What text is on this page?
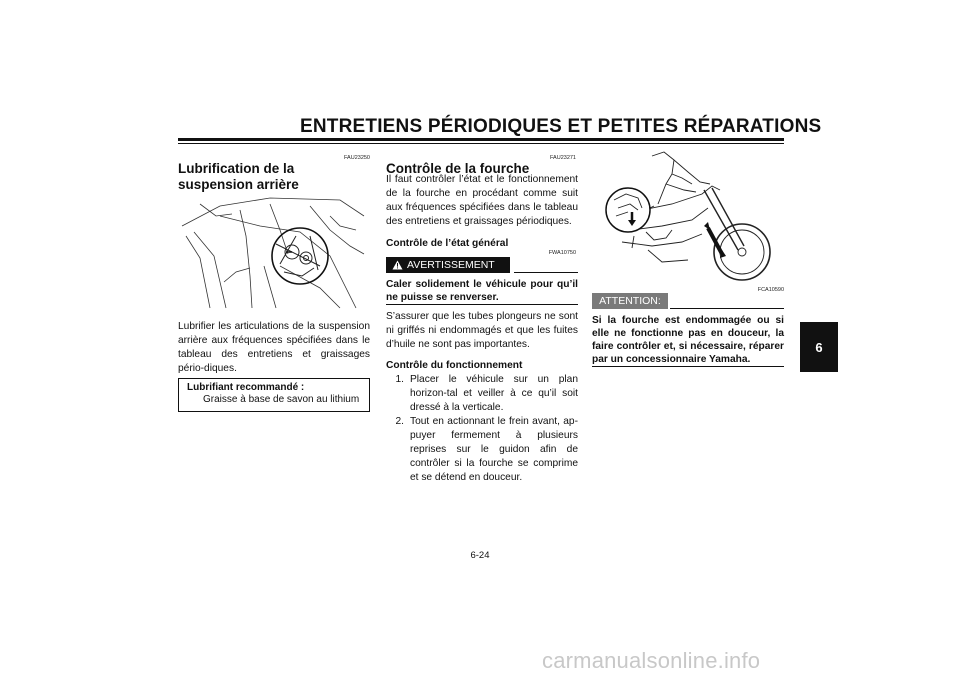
ENTRETIENS PÉRIODIQUES ET PETITES RÉPARATIONS
6
FAU23250
Lubrification de la suspension arrière
Lubrifier les articulations de la suspension arrière aux fréquences spécifiées dans le tableau des entretiens et graissages pério-diques.
Lubrifiant recommandé :
Graisse à base de savon au lithium
FAU23271
Contrôle de la fourche
Il faut contrôler l’état et le fonctionnement de la fourche en procédant comme suit aux fréquences spécifiées dans le tableau des entretiens et graissages périodiques.
Contrôle de l’état général
FWA10750
AVERTISSEMENT
Caler solidement le véhicule pour qu’il ne puisse se renverser.
S’assurer que les tubes plongeurs ne sont ni griffés ni endommagés et que les fuites d’huile ne sont pas importantes.
Contrôle du fonctionnement
1. Placer le véhicule sur un plan horizon-tal et veiller à ce qu’il soit dressé à la verticale.
2. Tout en actionnant le frein avant, ap-puyer fermement à plusieurs reprises sur le guidon afin de contrôler si la fourche se comprime et se détend en douceur.
FCA10590
ATTENTION:
Si la fourche est endommagée ou si elle ne fonctionne pas en douceur, la faire contrôler et, si nécessaire, réparer par un concessionnaire Yamaha.
6-24
carmanualsonline.info
